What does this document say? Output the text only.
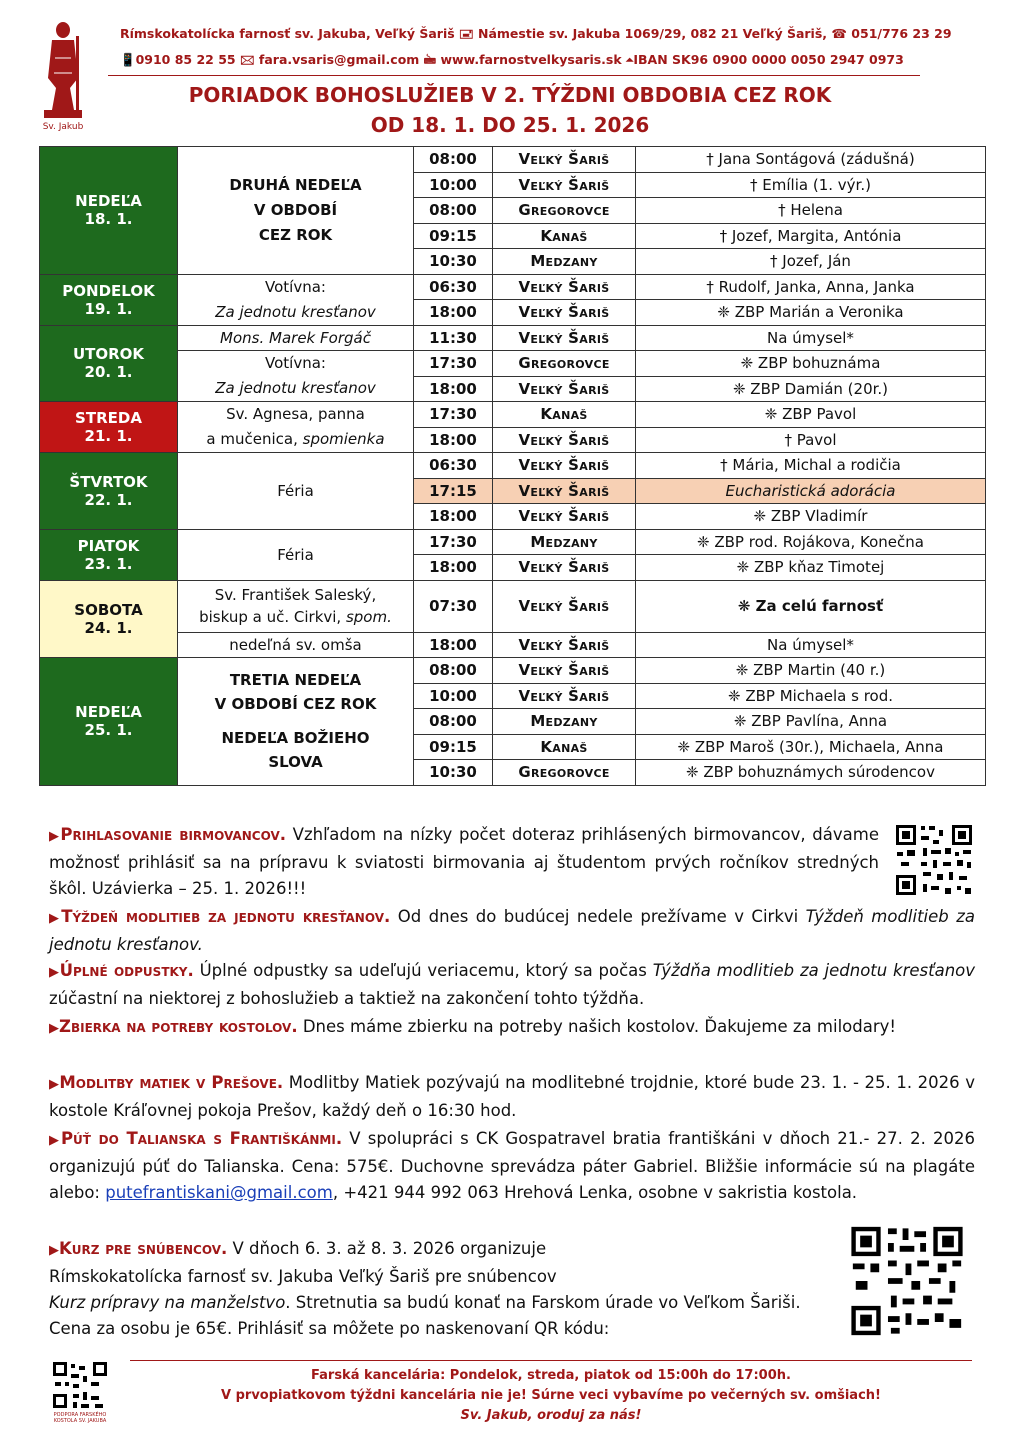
Sv. Jakub
Rímskokatolícka farnosť sv. Jakuba, Veľký Šariš 🖃 Námestie sv. Jakuba 1069/29, 082 21 Veľký Šariš, ☎ 051/776 23 29
📱0910 85 22 55 🖂 fara.vsaris@gmail.com 🖮 www.farnostvelkysaris.sk ⏶IBAN SK96 0900 0000 0050 2947 0973
PORIADOK BOHOSLUŽIEB V 2. TÝŽDNI OBDOBIA CEZ ROK
OD 18. 1. DO 25. 1. 2026
NEDEĽA
18. 1.	DRUHÁ NEDEĽA
V OBDOBÍ
CEZ ROK	08:00	Veľký Šariš	† Jana Sontágová (zádušná)
		10:00	Veľký Šariš	† Emília (1. výr.)
		08:00	Gregorovce	† Helena
		09:15	Kanaš	† Jozef, Margita, Antónia
		10:30	Medzany	† Jozef, Ján
PONDELOK
19. 1.	Votívna:
Za jednotu kresťanov	06:30	Veľký Šariš	† Rudolf, Janka, Anna, Janka
		18:00	Veľký Šariš	❈ ZBP Marián a Veronika
UTOROK
20. 1.	Mons. Marek Forgáč	11:30	Veľký Šariš	Na úmysel*
	Votívna:
Za jednotu kresťanov	17:30	Gregorovce	❈ ZBP bohuznáma
		18:00	Veľký Šariš	❈ ZBP Damián (20r.)
STREDA
21. 1.	Sv. Agnesa, panna
a mučenica, spomienka	17:30	Kanaš	❈ ZBP Pavol
		18:00	Veľký Šariš	† Pavol
ŠTVRTOK
22. 1.	Féria	06:30	Veľký Šariš	† Mária, Michal a rodičia
		17:15	Veľký Šariš	Eucharistická adorácia
		18:00	Veľký Šariš	❈ ZBP Vladimír
PIATOK
23. 1.	Féria	17:30	Medzany	❈ ZBP rod. Rojákova, Konečna
		18:00	Veľký Šariš	❈ ZBP kňaz Timotej
SOBOTA
24. 1.	Sv. František Saleský,
biskup a uč. Cirkvi, spom.	07:30	Veľký Šariš	❋ Za celú farnosť
	nedeľná sv. omša	18:00	Veľký Šariš	Na úmysel*
NEDEĽA
25. 1.	TRETIA NEDEĽA
V OBDOBÍ CEZ ROK
NEDEĽA BOŽIEHO
SLOVA	08:00	Veľký Šariš	❈ ZBP Martin (40 r.)
		10:00	Veľký Šariš	❈ ZBP Michaela s rod.
		08:00	Medzany	❈ ZBP Pavlína, Anna
		09:15	Kanaš	❈ ZBP Maroš (30r.), Michaela, Anna
		10:30	Gregorovce	❈ ZBP bohuznámych súrodencov
▶Prihlasovanie birmovancov. Vzhľadom na nízky počet doteraz prihlásených birmovancov, dávame možnosť prihlásiť sa na prípravu k sviatosti birmovania aj študentom prvých ročníkov stredných škôl. Uzávierka – 25. 1. 2026!!!
▶Týždeň modlitieb za jednotu kresťanov. Od dnes do budúcej nedele prežívame v Cirkvi Týždeň modlitieb za jednotu kresťanov.
▶Úplné odpustky. Úplné odpustky sa udeľujú veriacemu, ktorý sa počas Týždňa modlitieb za jednotu kresťanov zúčastní na niektorej z bohoslužieb a taktiež na zakončení tohto týždňa.
▶Zbierka na potreby kostolov. Dnes máme zbierku na potreby našich kostolov. Ďakujeme za milodary!
▶Modlitby matiek v Prešove. Modlitby Matiek pozývajú na modlitebné trojdnie, ktoré bude 23. 1. - 25. 1. 2026 v kostole Kráľovnej pokoja Prešov, každý deň o 16:30 hod.
▶Púť do Talianska s Františkánmi. V spolupráci s CK Gospatravel bratia františkáni v dňoch 21.- 27. 2. 2026 organizujú púť do Talianska. Cena: 575€. Duchovne sprevádza páter Gabriel. Bližšie informácie sú na plagáte alebo: putefrantiskani@gmail.com, +421 944 992 063 Hrehová Lenka, osobne v sakristia kostola.
▶Kurz pre snúbencov. V dňoch 6. 3. až 8. 3. 2026 organizuje
Rímskokatolícka farnosť sv. Jakuba Veľký Šariš pre snúbencov
Kurz prípravy na manželstvo. Stretnutia sa budú konať na Farskom úrade vo Veľkom Šariši.
Cena za osobu je 65€. Prihlásiť sa môžete po naskenovaní QR kódu:
PODPORA FARSKÉHO KOSTOLA SV. JAKUBA
Farská kancelária: Pondelok, streda, piatok od 15:00h do 17:00h.
V prvopiatkovom týždni kancelária nie je! Súrne veci vybavíme po večerných sv. omšiach!
Sv. Jakub, oroduj za nás!
